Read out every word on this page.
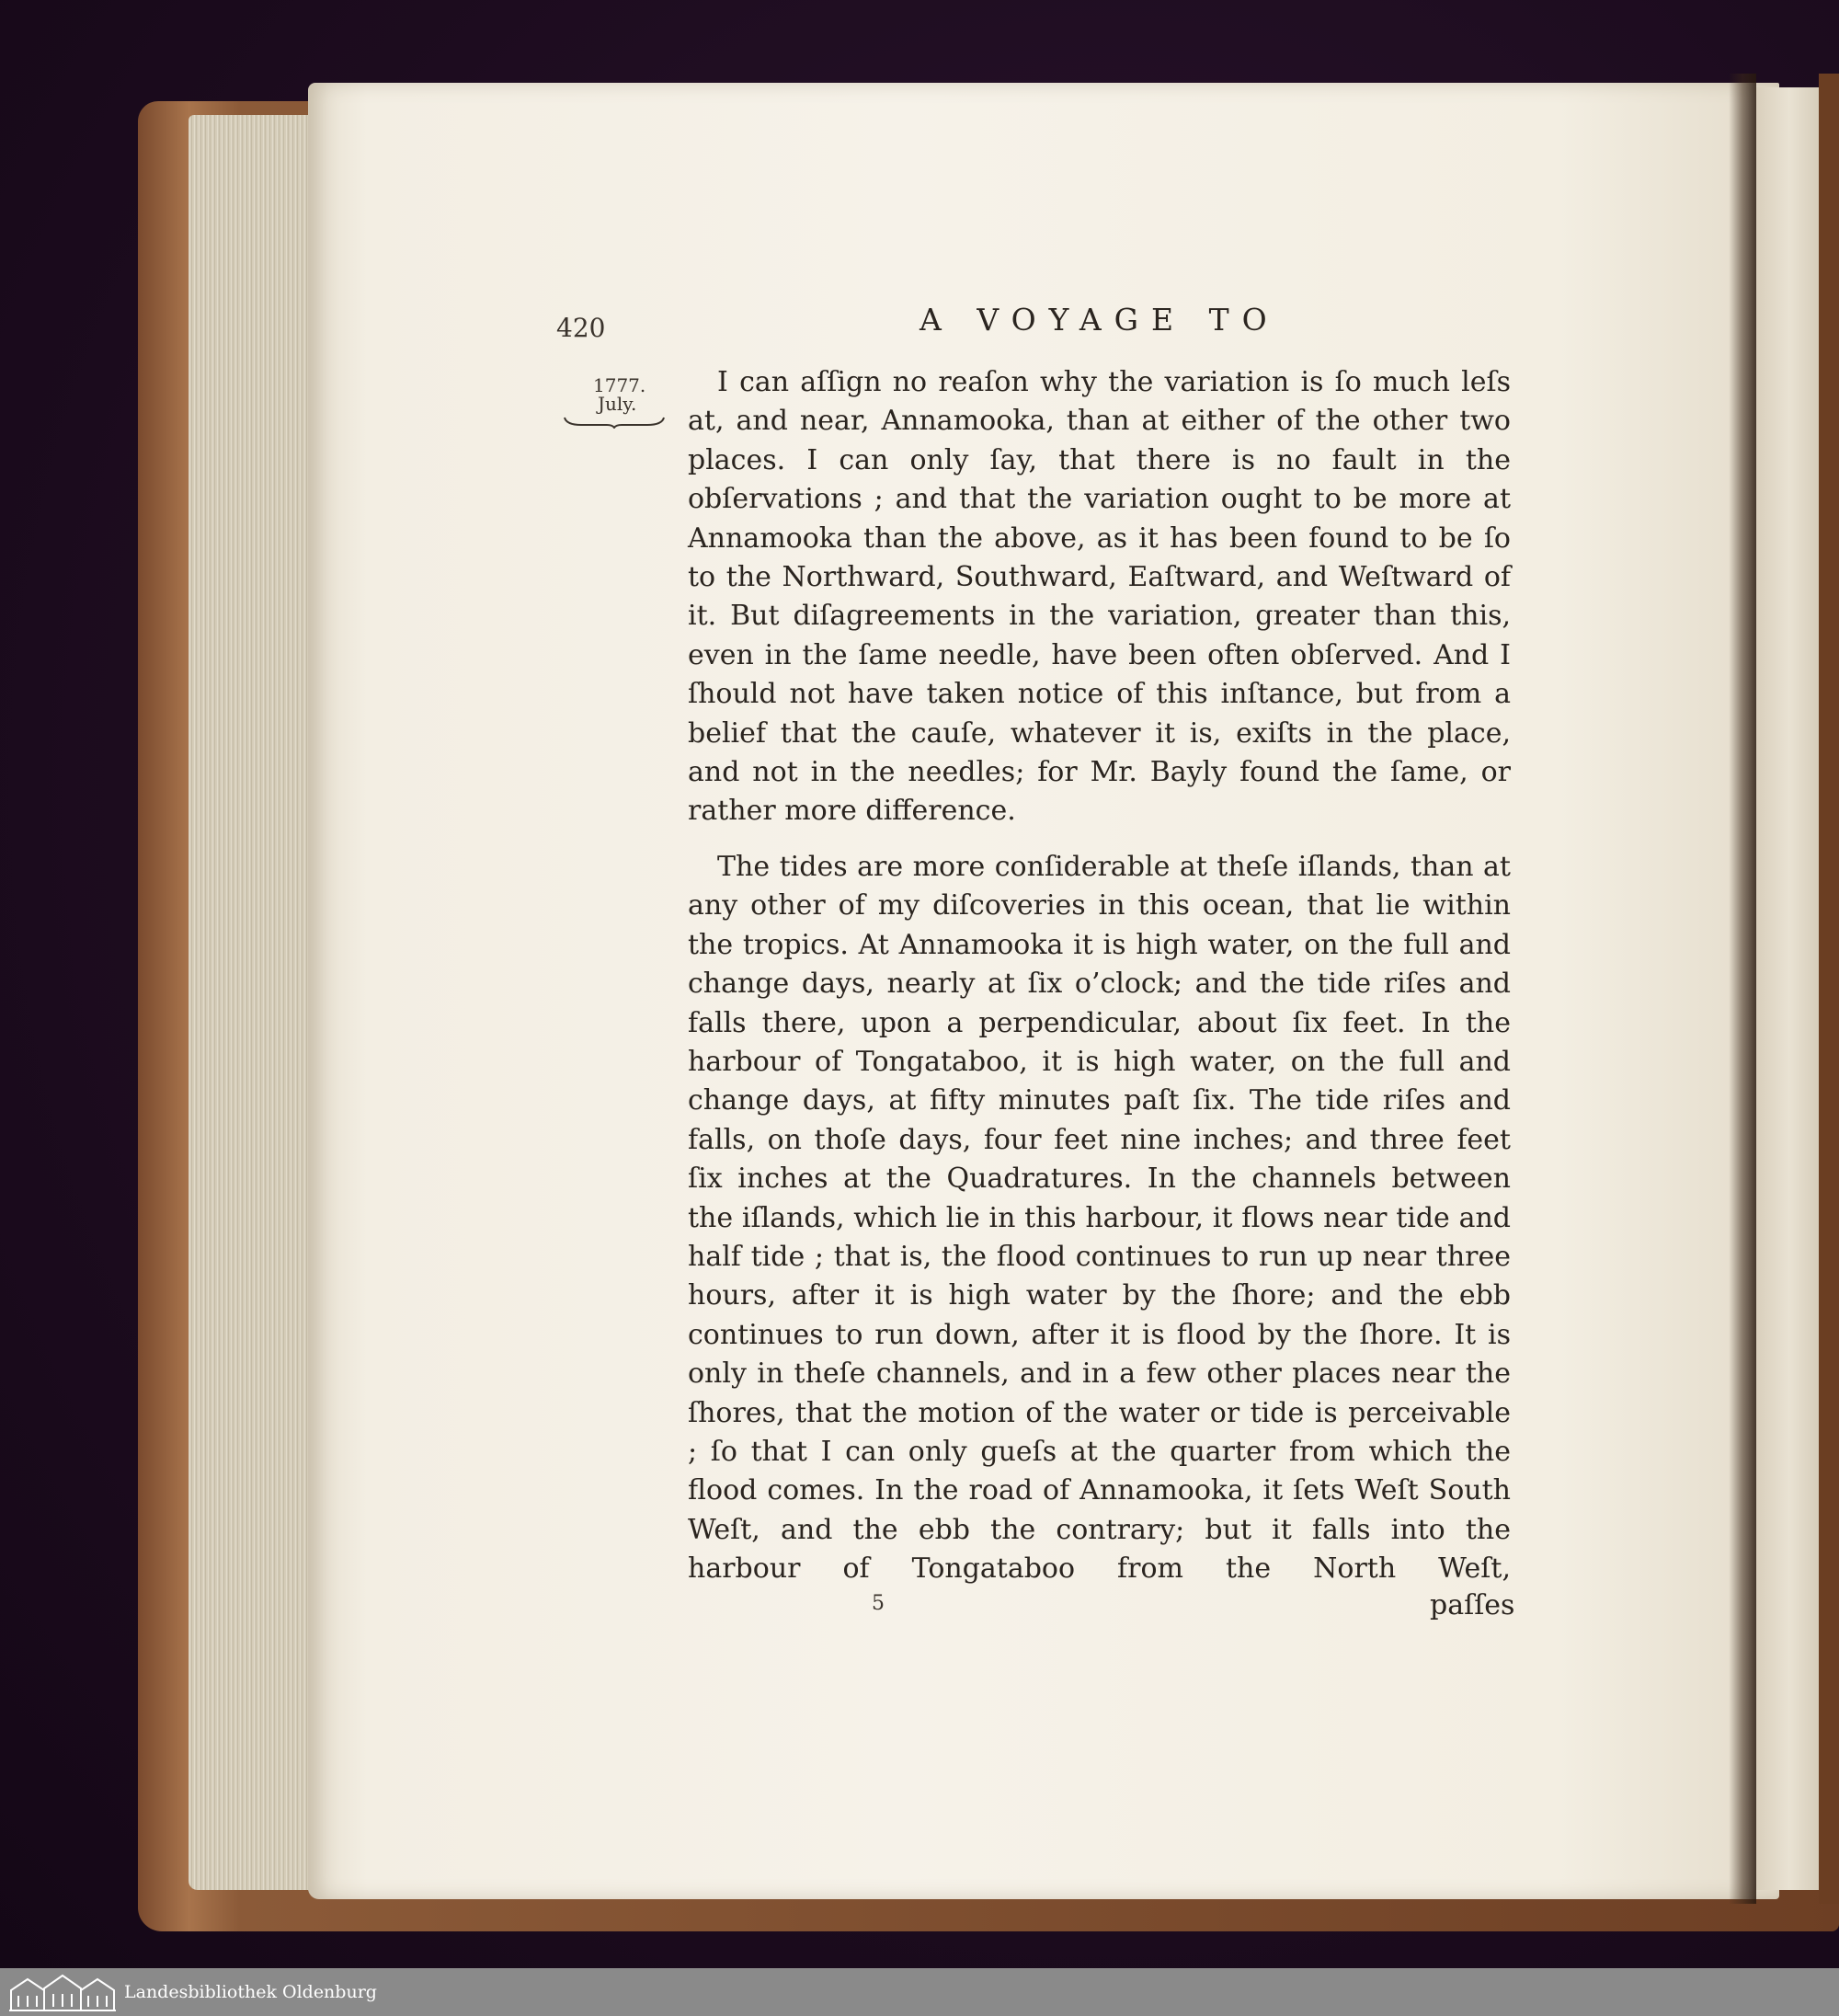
420	A VOYAGE TO
1777.
July.

I can aſſign no reaſon why the variation is ſo much leſs at, and near, Annamooka, than at either of the other two places. I can only ſay, that there is no fault in the obſervations ; and that the variation ought to be more at Annamooka than the above, as it has been found to be ſo to the Northward, Southward, Eaſtward, and Weſtward of it. But diſagreements in the variation, greater than this, even in the ſame needle, have been often obſerved. And I ſhould not have taken notice of this inſtance, but from a belief that the cauſe, whatever it is, exiſts in the place, and not in the needles; for Mr. Bayly found the ſame, or rather more difference.

The tides are more conſiderable at theſe iſlands, than at any other of my diſcoveries in this ocean, that lie within the tropics. At Annamooka it is high water, on the full and change days, nearly at ſix o’clock; and the tide riſes and falls there, upon a perpendicular, about ſix feet. In the harbour of Tongataboo, it is high water, on the full and change days, at fifty minutes paſt ſix. The tide riſes and falls, on thoſe days, four feet nine inches; and three feet ſix inches at the Quadratures. In the channels between the iſlands, which lie in this harbour, it flows near tide and half tide ; that is, the flood continues to run up near three hours, after it is high water by the ſhore; and the ebb continues to run down, after it is flood by the ſhore. It is only in theſe channels, and in a few other places near the ſhores, that the motion of the water or tide is perceivable ; ſo that I can only gueſs at the quarter from which the flood comes. In the road of Annamooka, it ſets Weſt South Weſt, and the ebb the contrary; but it falls into the harbour of Tongataboo from the North Weſt,

5	paſſes
Landesbibliothek Oldenburg
